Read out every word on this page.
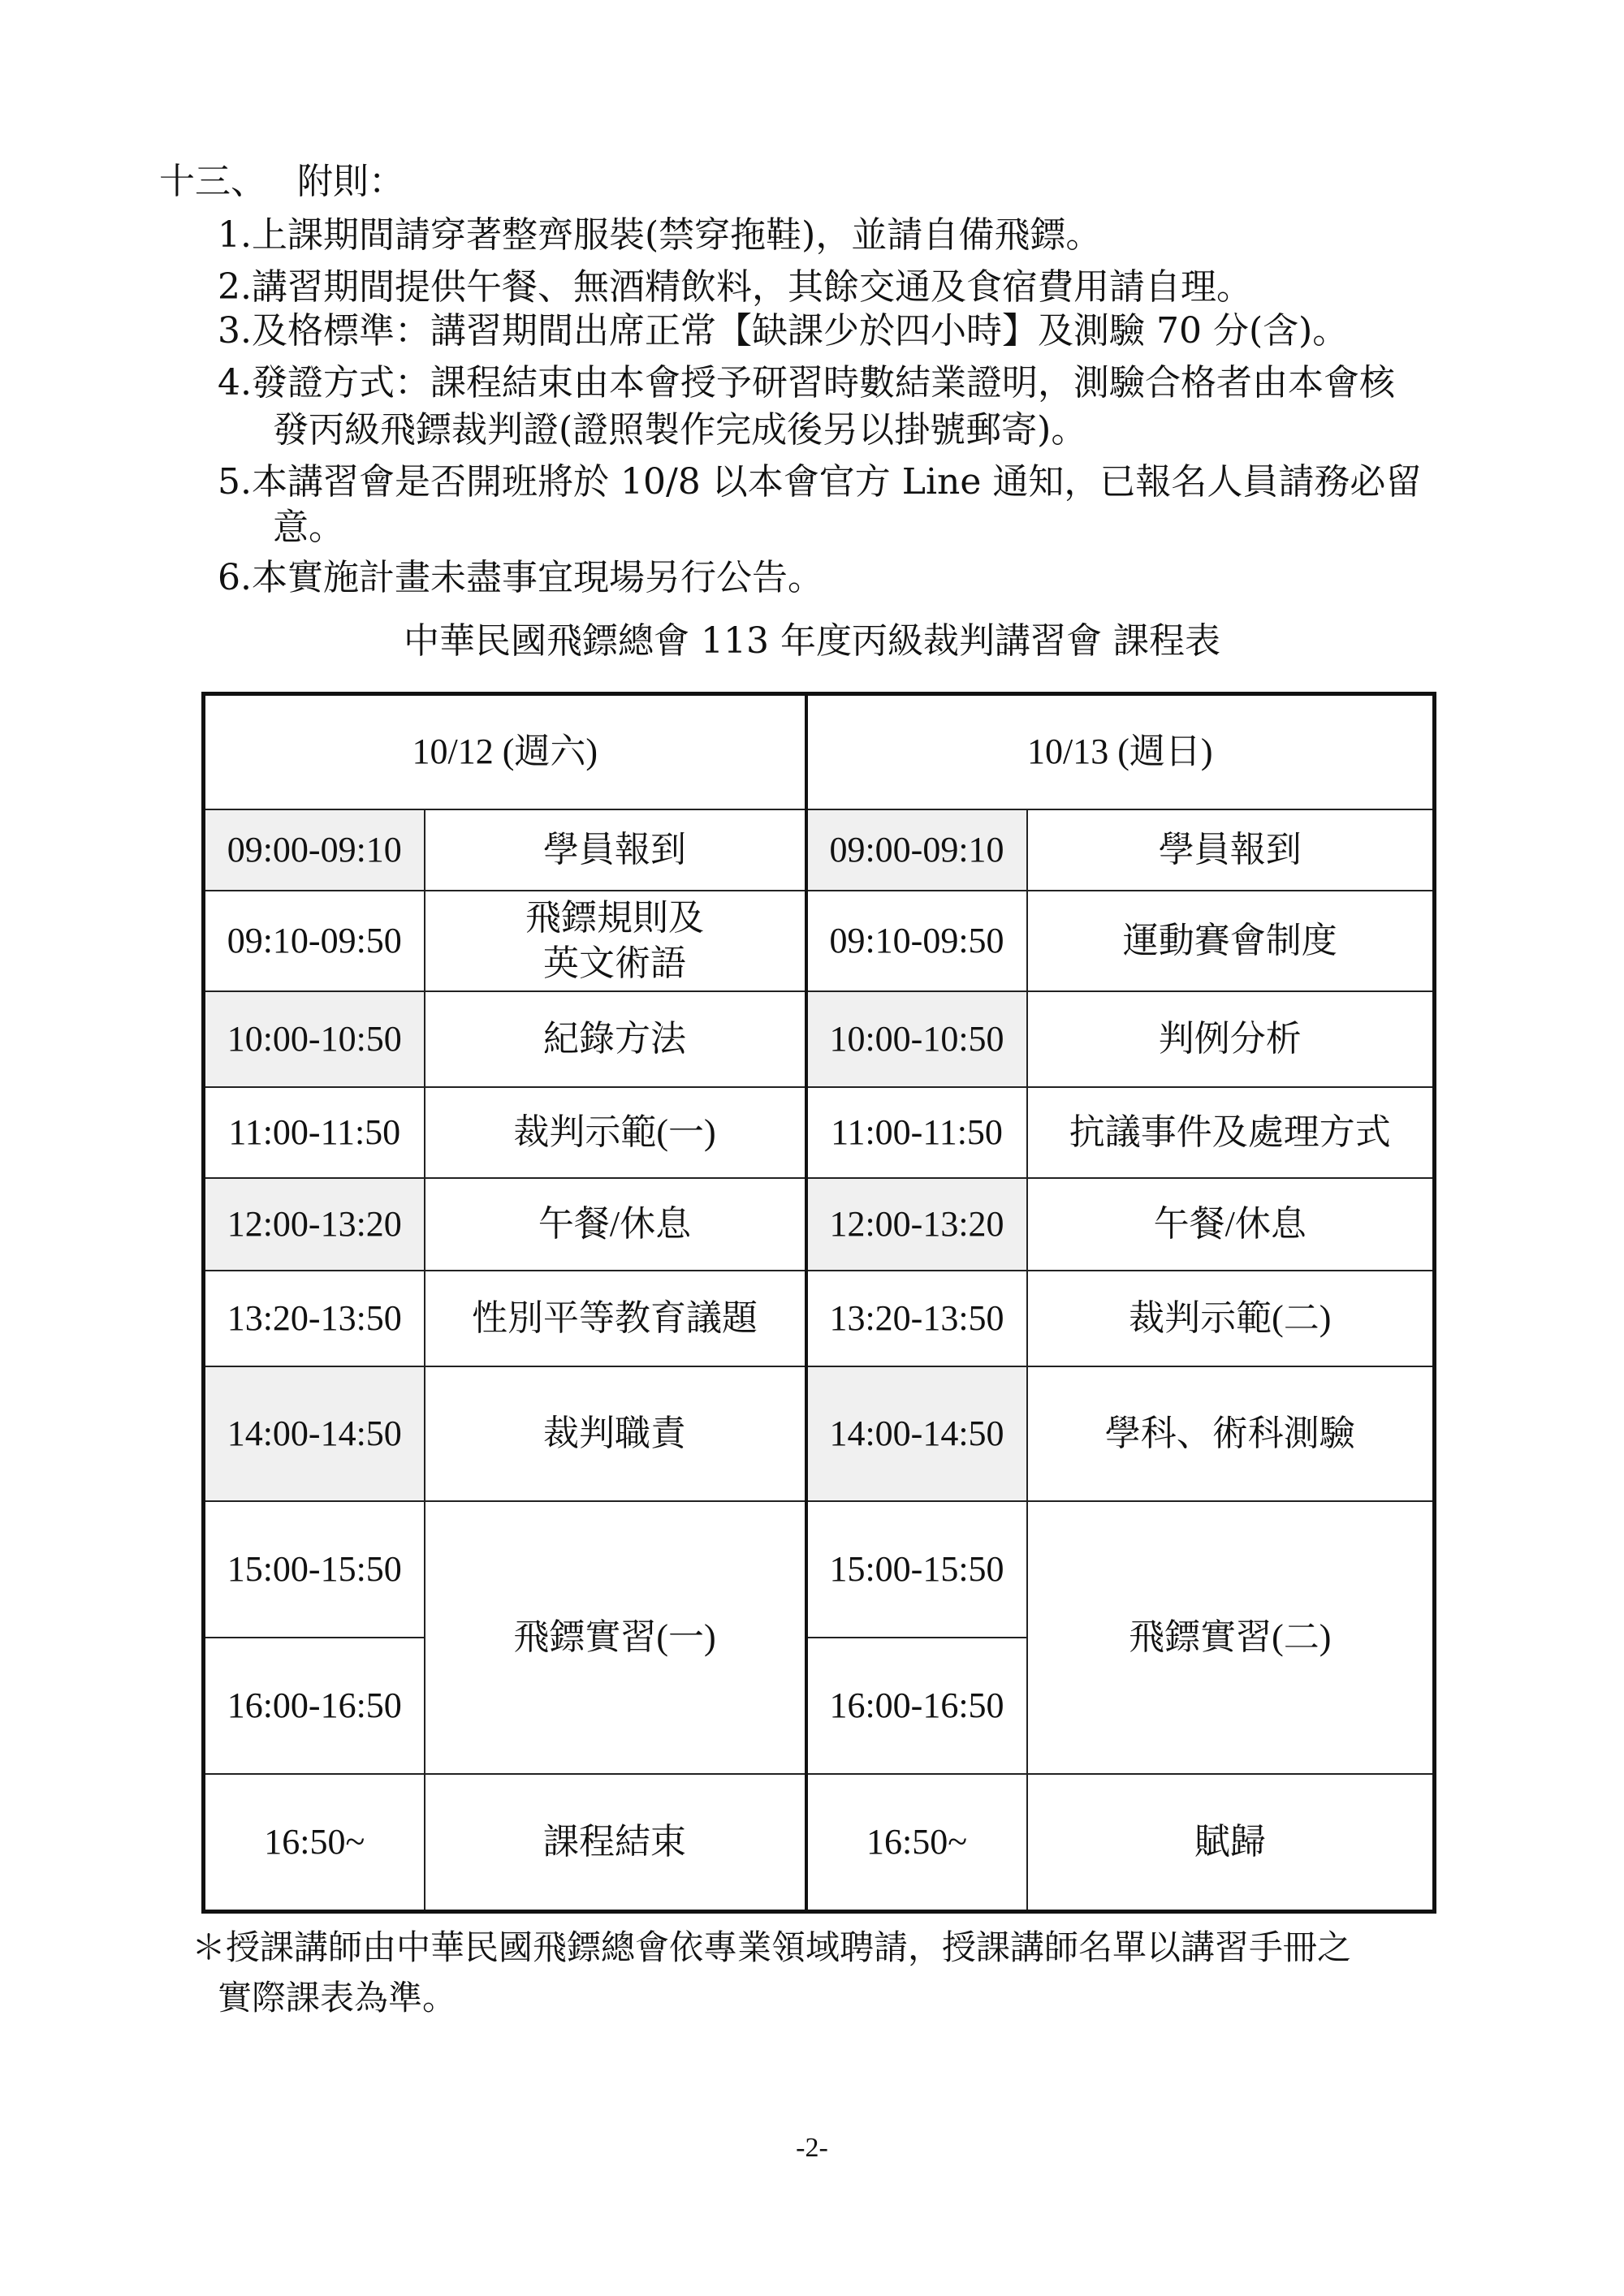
十三、 附則：
1.上課期間請穿著整齊服裝(禁穿拖鞋)，並請自備飛鏢。
2.講習期間提供午餐、無酒精飲料，其餘交通及食宿費用請自理。
3.及格標準：講習期間出席正常【缺課少於四小時】及測驗 70 分(含)。
4.發證方式：課程結束由本會授予研習時數結業證明，測驗合格者由本會核
發丙級飛鏢裁判證(證照製作完成後另以掛號郵寄)。
5.本講習會是否開班將於 10/8 以本會官方 Line 通知，已報名人員請務必留
意。
6.本實施計畫未盡事宜現場另行公告。
中華民國飛鏢總會 113 年度丙級裁判講習會 課程表
10/12 (週六)		10/13 (週日)	
09:00-09:10	學員報到	09:00-09:10	學員報到
09:10-09:50	飛鏢規則及
英文術語	09:10-09:50	運動賽會制度
10:00-10:50	紀錄方法	10:00-10:50	判例分析
11:00-11:50	裁判示範(一)	11:00-11:50	抗議事件及處理方式
12:00-13:20	午餐/休息	12:00-13:20	午餐/休息
13:20-13:50	性別平等教育議題	13:20-13:50	裁判示範(二)
14:00-14:50	裁判職責	14:00-14:50	學科、術科測驗
15:00-15:50	飛鏢實習(一)	15:00-15:50	飛鏢實習(二)
16:00-16:50		16:00-16:50	
16:50~	課程結束	16:50~	賦歸
＊授課講師由中華民國飛鏢總會依專業領域聘請，授課講師名單以講習手冊之
實際課表為準。
-2-
